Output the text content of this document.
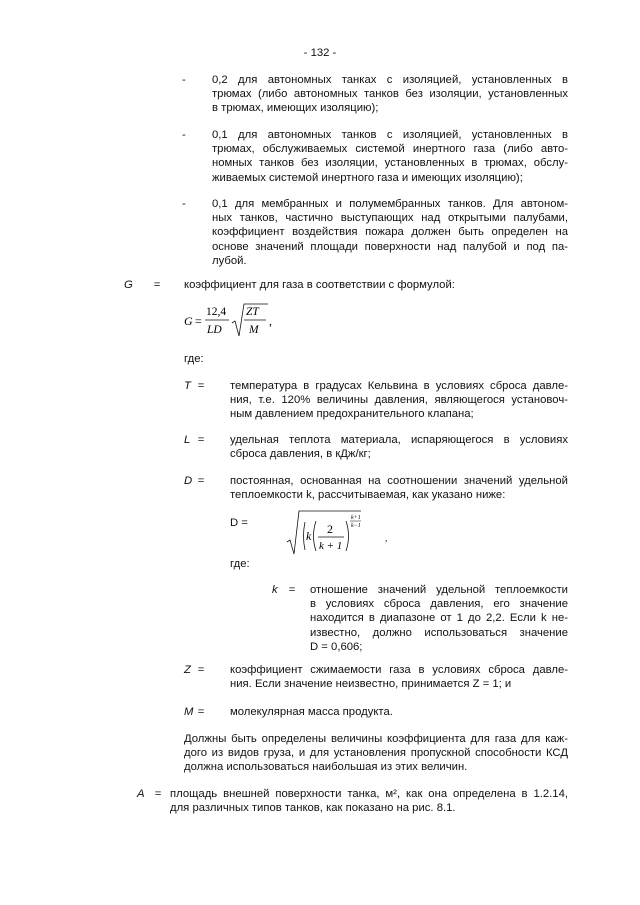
- 132 -
- 0,2 для автономных танках с изоляцией, установленных в
трюмах (либо автономных танков без изоляции, установленных
в трюмах, имеющих изоляцию);
- 0,1 для автономных танков с изоляцией, установленных в
трюмах, обслуживаемых системой инертного газа (либо авто-
номных танков без изоляции, установленных в трюмах, обслу-
живаемых системой инертного газа и имеющих изоляцию);
- 0,1 для мембранных и полумембранных танков. Для автоном-
ных танков, частично выступающих над открытыми палубами,
коэффициент воздействия пожара должен быть определен на
основе значений площади поверхности над палубой и под па-
лубой.
G	=	коэффициент для газа в соответствии с формулой:
G =
12,4
LD
ZT
M
,
где:
T =	температура в градусах Кельвина в условиях сброса давле-
ния, т.е. 120% величины давления, являющегося установоч-
ным давлением предохранительного клапана;
L =	удельная теплота материала, испаряющегося в условиях
сброса давления, в кДж/кг;
D =	постоянная, основанная на соотношении значений удельной
теплоемкости k, рассчитываемая, как указано ниже:
D =
k 2
k + 1
k+1
k−1
,
где:
k =	отношение значений удельной теплоемкости
в условиях сброса давления, его значение
находится в диапазоне от 1 до 2,2. Если k не-
известно, должно использоваться значение
D = 0,606;
Z =	коэффициент сжимаемости газа в условиях сброса давле-
ния. Если значение неизвестно, принимается Z = 1; и
M =	молекулярная масса продукта.
Должны быть определены величины коэффициента для газа для каж-
дого из видов груза, и для установления пропускной способности КСД
должна использоваться наибольшая из этих величин.
A = площадь внешней поверхности танка, м², как она определена в 1.2.14,
для различных типов танков, как показано на рис. 8.1.
